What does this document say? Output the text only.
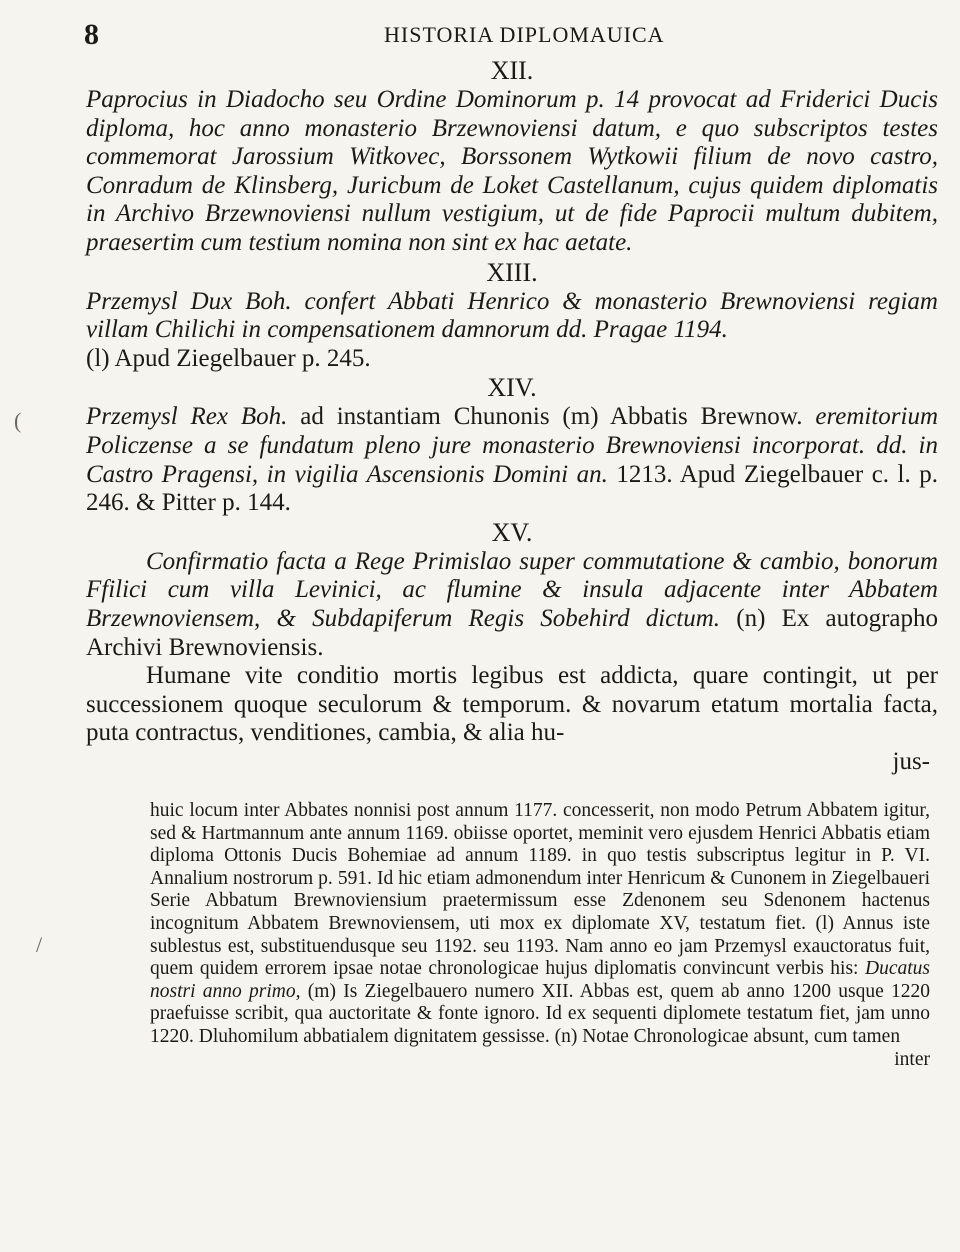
8	HISTORIA DIPLOMAUICA
(
/

XII.

Paprocius in Diadocho seu Ordine Dominorum p. 14 provocat ad Friderici Ducis diploma, hoc anno monasterio Brzewnoviensi datum, e quo subscriptos testes commemorat Jarossium Witkovec, Borssonem Wytkowii filium de novo castro, Conradum de Klinsberg, Juricbum de Loket Castellanum, cujus quidem diplomatis in Archivo Brzewnoviensi nullum vestigium, ut de fide Paprocii multum dubitem, praesertim cum testium nomina non sint ex hac aetate.

XIII.

Przemysl Dux Boh. confert Abbati Henrico & monasterio Brewnoviensi regiam villam Chilichi in compensationem damnorum dd. Pragae 1194.

(l) Apud Ziegelbauer p. 245.

XIV.

Przemysl Rex Boh. ad instantiam Chunonis (m) Abbatis Brewnow. eremitorium Policzense a se fundatum pleno jure monasterio Brewnoviensi incorporat. dd. in Castro Pragensi, in vigilia Ascensionis Domini an. 1213. Apud Ziegelbauer c. l. p. 246. & Pitter p. 144.

XV.

Confirmatio facta a Rege Primislao super commutatione & cambio, bonorum Ffilici cum villa Levinici, ac flumine & insula adjacente inter Abbatem Brzewnoviensem, & Subdapiferum Regis Sobehird dictum. (n) Ex autographo Archivi Brewnoviensis.

Humane vite conditio mortis legibus est addicta, quare contingit, ut per successionem quoque seculorum & temporum. & novarum etatum mortalia facta, puta contractus, venditiones, cambia, & alia hu-

jus-

huic locum inter Abbates nonnisi post annum 1177. concesserit, non modo Petrum Abbatem igitur, sed & Hartmannum ante annum 1169. obiisse oportet, meminit vero ejusdem Henrici Abbatis etiam diploma Ottonis Ducis Bohemiae ad annum 1189. in quo testis subscriptus legitur in P. VI. Annalium nostrorum p. 591. Id hic etiam admonendum inter Henricum & Cunonem in Ziegelbaueri Serie Abbatum Brewnoviensium praetermissum esse Zdenonem seu Sdenonem hactenus incognitum Abbatem Brewnoviensem, uti mox ex diplomate XV, testatum fiet. (l) Annus iste sublestus est, substituendusque seu 1192. seu 1193. Nam anno eo jam Przemysl exauctoratus fuit, quem quidem errorem ipsae notae chronologicae hujus diplomatis convincunt verbis his: Ducatus nostri anno primo, (m) Is Ziegelbauero numero XII. Abbas est, quem ab anno 1200 usque 1220 praefuisse scribit, qua auctoritate & fonte ignoro. Id ex sequenti diplomete testatum fiet, jam unno 1220. Dluhomilum abbatialem dignitatem gessisse. (n) Notae Chronologicae absunt, cum tamen

inter
